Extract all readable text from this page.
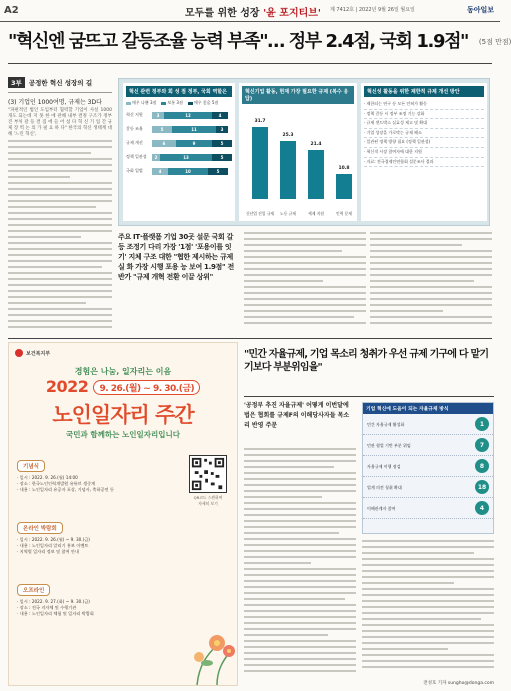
A2	모두를 위한 성장 '윤 포지티브' 제 7412호 | 2022년 9월 26일 월요일	동아일보
"혁신엔 굼뜨고 갈등조율 능력 부족"… 정부 2.4점, 국회 1.9점" (5점 만점)
3부	공정한 혁신 성장의 길
(3) 기업인 1000여명, 규제는 3D다
"파편적인 법인 도입부터 협력할 기업이 사실 1000개도 되는데 지 못 한 에 관해 내부 결정 구조가 정부 진 부처 갈 등 결 집 에 들 어 섰 다 혁 신 기 업 간 규 제 장 벽 논 의 가 필 요 하 다" 한국의 혁신 생태계 대해 '느린 혁신',
혁신 관련 정부와 회 성 점 정부, 국회 역할은
매우 나쁨 3점	보통 3점	매우 좋음 5점
혁신 지원	3	12	4
갈등 조율	5	11	3
규제 개선	6	9	5
정책 일관성	2	13	5
국회 입법	4	10	5
혁신기업 활동, 현재 가장 필요한 규제 (복수 응답)
31.7
신산업 진입 규제
25.3
노동 규제
21.4
세제 지원
10.8
인력 문제
혁신성 활동을 위한 제한적 규제 개선 방안
· 제한되는 연구 등 모든 인허가 활동
· 정책 갈등 시 정부 조정 기능 강화
· 규제 샌드박스 실효성 제고 및 확대
· 기업 성장을 가로막는 규제 해소
· 일관된 정책 방향 필요 (정책 일관성)
· 혁신적 시장 참여자에 대한 지원
· 자료: 전국경제인연합회 설문조사 결과
주요 IT·플랫폼 기업 30곳 설문 국회 갈등 조정기 다리 가장 '1점' '포용이를 잇기' 지체 구조 대한 "협한 제시하는 규제 실 화 가장 시행 포용 능 보여 1.9점" 전반가 "규제 개혁 전환 이끌 상위"
보건복지부
경험은 나눔, 일자리는 이음
2022 9. 26.(월) ~ 9. 30.(금)
노인일자리 주간
국민과 함께하는 노인일자리입니다
기념식
· 일시 : 2022. 9. 26.(월) 14:00
· 장소 : 한국노인인력개발원 유튜브 생중계
· 내용 : 노인일자리 유공자 포상, 기념사, 축하공연 등
온라인 박람회
· 일시 : 2022. 9. 26.(월) ~ 9. 30.(금)
· 내용 : 노인일자리 알리기 홍보 이벤트
· 지역별 일자리 정보 및 참여 안내
오프라인
· 일시 : 2022. 9. 27.(화) ~ 9. 30.(금)
· 장소 : 전국 지자체 및 수행기관
· 내용 : 노인일자리 체험 및 일자리 박람회
QR코드 스캔하여
자세히 보기
"민간 자율규제, 기업 목소리 청취가 우선 규제 기구에 다 맡기기보다 부분위임을"
'공정부 추진 자율규제' 어떻게 이번달에 법은 협회를 규제F의 이해당사자들 목소리 반영 주문
기업 혁신에 도움이 되는 자율규제 방식
민간 자율규제 활성화	1
민관 협업 기반 부분 위임	7
자율규제 이행 점검	8
업계 의견 청취 확대	18
이해관계자 참여	4
전성호 기자 sungho@donga.com
